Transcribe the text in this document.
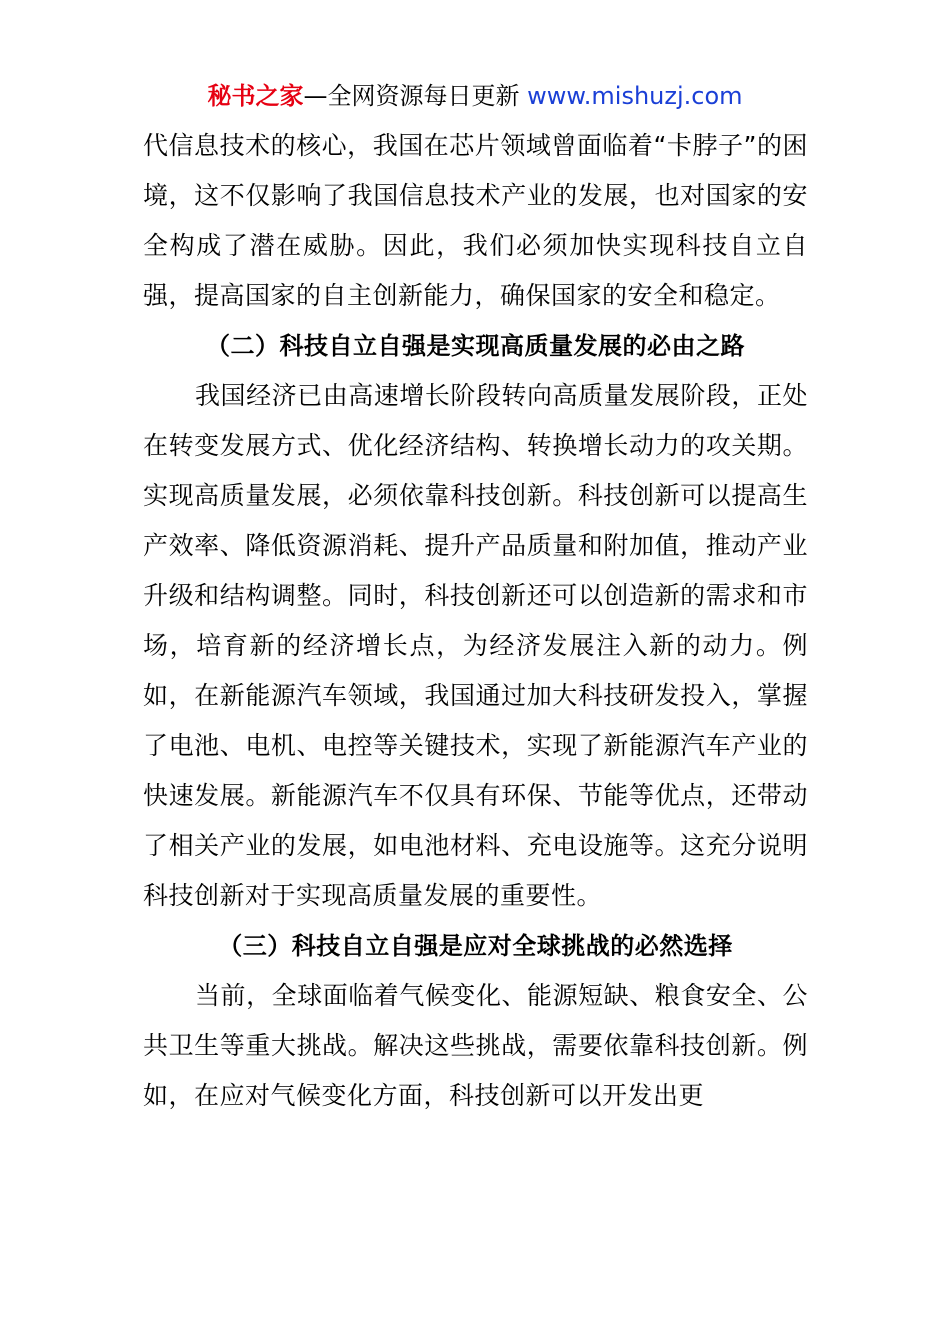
秘书之家—全网资源每日更新 www.mishuzj.com

代信息技术的核心，我国在芯片领域曾面临着“卡脖子”的困境，这不仅影响了我国信息技术产业的发展，也对国家的安全构成了潜在威胁。因此，我们必须加快实现科技自立自强，提高国家的自主创新能力，确保国家的安全和稳定。

（二）科技自立自强是实现高质量发展的必由之路

我国经济已由高速增长阶段转向高质量发展阶段，正处在转变发展方式、优化经济结构、转换增长动力的攻关期。实现高质量发展，必须依靠科技创新。科技创新可以提高生产效率、降低资源消耗、提升产品质量和附加值，推动产业升级和结构调整。同时，科技创新还可以创造新的需求和市场，培育新的经济增长点，为经济发展注入新的动力。例如，在新能源汽车领域，我国通过加大科技研发投入，掌握了电池、电机、电控等关键技术，实现了新能源汽车产业的快速发展。新能源汽车不仅具有环保、节能等优点，还带动了相关产业的发展，如电池材料、充电设施等。这充分说明科技创新对于实现高质量发展的重要性。

（三）科技自立自强是应对全球挑战的必然选择

当前，全球面临着气候变化、能源短缺、粮食安全、公共卫生等重大挑战。解决这些挑战，需要依靠科技创新。例如，在应对气候变化方面，科技创新可以开发出更
